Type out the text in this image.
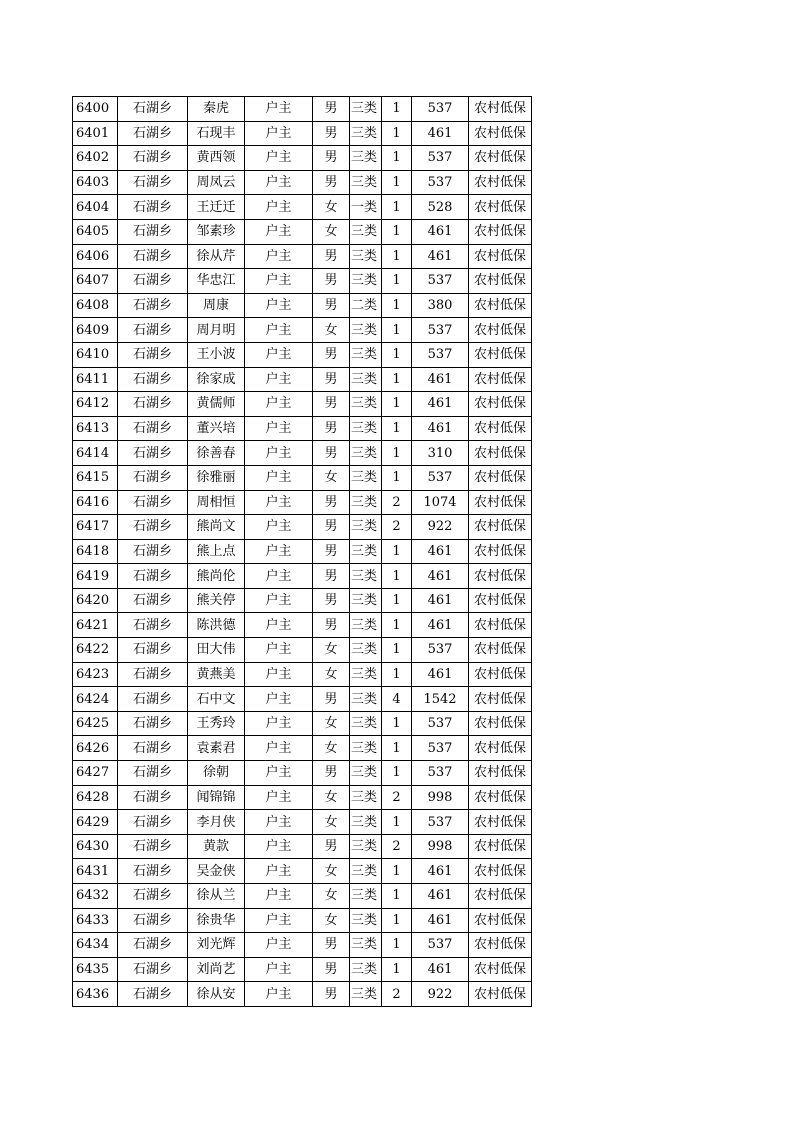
6400	石湖乡	秦虎	户主	男	三类	1	537	农村低保
6401	石湖乡	石现丰	户主	男	三类	1	461	农村低保
6402	石湖乡	黄西领	户主	男	三类	1	537	农村低保
6403	石湖乡	周凤云	户主	男	三类	1	537	农村低保
6404	石湖乡	王迁迁	户主	女	一类	1	528	农村低保
6405	石湖乡	邹素珍	户主	女	三类	1	461	农村低保
6406	石湖乡	徐从芹	户主	男	三类	1	461	农村低保
6407	石湖乡	华忠江	户主	男	三类	1	537	农村低保
6408	石湖乡	周康	户主	男	二类	1	380	农村低保
6409	石湖乡	周月明	户主	女	三类	1	537	农村低保
6410	石湖乡	王小波	户主	男	三类	1	537	农村低保
6411	石湖乡	徐家成	户主	男	三类	1	461	农村低保
6412	石湖乡	黄儒师	户主	男	三类	1	461	农村低保
6413	石湖乡	董兴培	户主	男	三类	1	461	农村低保
6414	石湖乡	徐善春	户主	男	三类	1	310	农村低保
6415	石湖乡	徐雅丽	户主	女	三类	1	537	农村低保
6416	石湖乡	周相恒	户主	男	三类	2	1074	农村低保
6417	石湖乡	熊尚文	户主	男	三类	2	922	农村低保
6418	石湖乡	熊上点	户主	男	三类	1	461	农村低保
6419	石湖乡	熊尚伦	户主	男	三类	1	461	农村低保
6420	石湖乡	熊关停	户主	男	三类	1	461	农村低保
6421	石湖乡	陈洪德	户主	男	三类	1	461	农村低保
6422	石湖乡	田大伟	户主	女	三类	1	537	农村低保
6423	石湖乡	黄燕美	户主	女	三类	1	461	农村低保
6424	石湖乡	石中文	户主	男	三类	4	1542	农村低保
6425	石湖乡	王秀玲	户主	女	三类	1	537	农村低保
6426	石湖乡	袁素君	户主	女	三类	1	537	农村低保
6427	石湖乡	徐朝	户主	男	三类	1	537	农村低保
6428	石湖乡	闻锦锦	户主	女	三类	2	998	农村低保
6429	石湖乡	李月侠	户主	女	三类	1	537	农村低保
6430	石湖乡	黄款	户主	男	三类	2	998	农村低保
6431	石湖乡	吴金侠	户主	女	三类	1	461	农村低保
6432	石湖乡	徐从兰	户主	女	三类	1	461	农村低保
6433	石湖乡	徐贵华	户主	女	三类	1	461	农村低保
6434	石湖乡	刘光辉	户主	男	三类	1	537	农村低保
6435	石湖乡	刘尚艺	户主	男	三类	1	461	农村低保
6436	石湖乡	徐从安	户主	男	三类	2	922	农村低保
